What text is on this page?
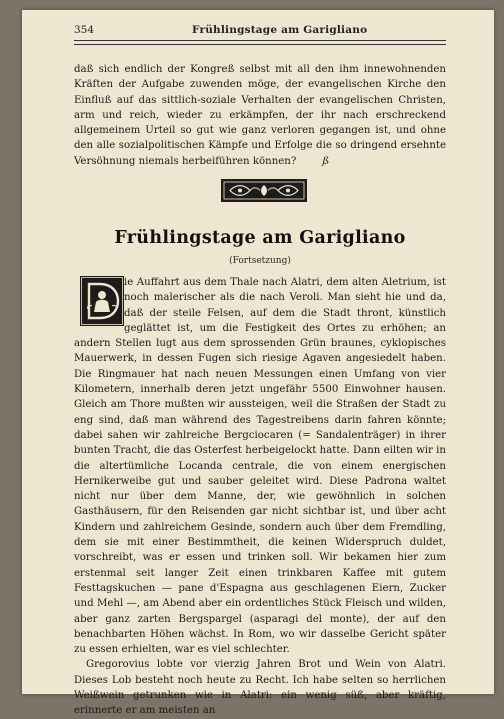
354	Frühlingstage am Garigliano
daß sich endlich der Kongreß selbst mit all den ihm innewohnenden Kräften der Aufgabe zuwenden möge, der evangelischen Kirche den Einfluß auf das sittlich-soziale Verhalten der evangelischen Christen, arm und reich, wieder zu erkämpfen, der ihr nach erschreckend allgemeinem Urteil so gut wie ganz verloren gegangen ist, und ohne den alle sozialpolitischen Kämpfe und Erfolge die so dringend ersehnte Versöhnung niemals herbeiführen können?	ß
Frühlingstage am Garigliano
(Fortsetzung)

ie Auffahrt aus dem Thale nach Alatri, dem alten Aletrium, ist noch malerischer als die nach Veroli. Man sieht hie und da, daß der steile Felsen, auf dem die Stadt thront, künstlich geglättet ist, um die Festigkeit des Ortes zu erhöhen; an andern Stellen lugt aus dem sprossenden Grün braunes, cyklopisches Mauerwerk, in dessen Fugen sich riesige Agaven angesiedelt haben. Die Ringmauer hat nach neuen Messungen einen Umfang von vier Kilometern, innerhalb deren jetzt ungefähr 5500 Einwohner hausen. Gleich am Thore mußten wir aussteigen, weil die Straßen der Stadt zu eng sind, daß man während des Tagestreibens darin fahren könnte; dabei sahen wir zahlreiche Bergciocaren (= Sandalenträger) in ihrer bunten Tracht, die das Osterfest herbeigelockt hatte. Dann eilten wir in die altertümliche Locanda centrale, die von einem energischen Hernikerweibe gut und sauber geleitet wird. Diese Padrona waltet nicht nur über dem Manne, der, wie gewöhnlich in solchen Gasthäusern, für den Reisenden gar nicht sichtbar ist, und über acht Kindern und zahlreichem Gesinde, sondern auch über dem Fremdling, dem sie mit einer Bestimmtheit, die keinen Widerspruch duldet, vorschreibt, was er essen und trinken soll. Wir bekamen hier zum erstenmal seit langer Zeit einen trinkbaren Kaffee mit gutem Festtagskuchen — pane d'Espagna aus geschlagenen Eiern, Zucker und Mehl —, am Abend aber ein ordentliches Stück Fleisch und wilden, aber ganz zarten Bergspargel (asparagi del monte), der auf den benachbarten Höhen wächst. In Rom, wo wir dasselbe Gericht später zu essen erhielten, war es viel schlechter.

Gregorovius lobte vor vierzig Jahren Brot und Wein von Alatri. Dieses Lob besteht noch heute zu Recht. Ich habe selten so herrlichen Weißwein getrunken wie in Alatri: ein wenig süß, aber kräftig, erinnerte er am meisten an
